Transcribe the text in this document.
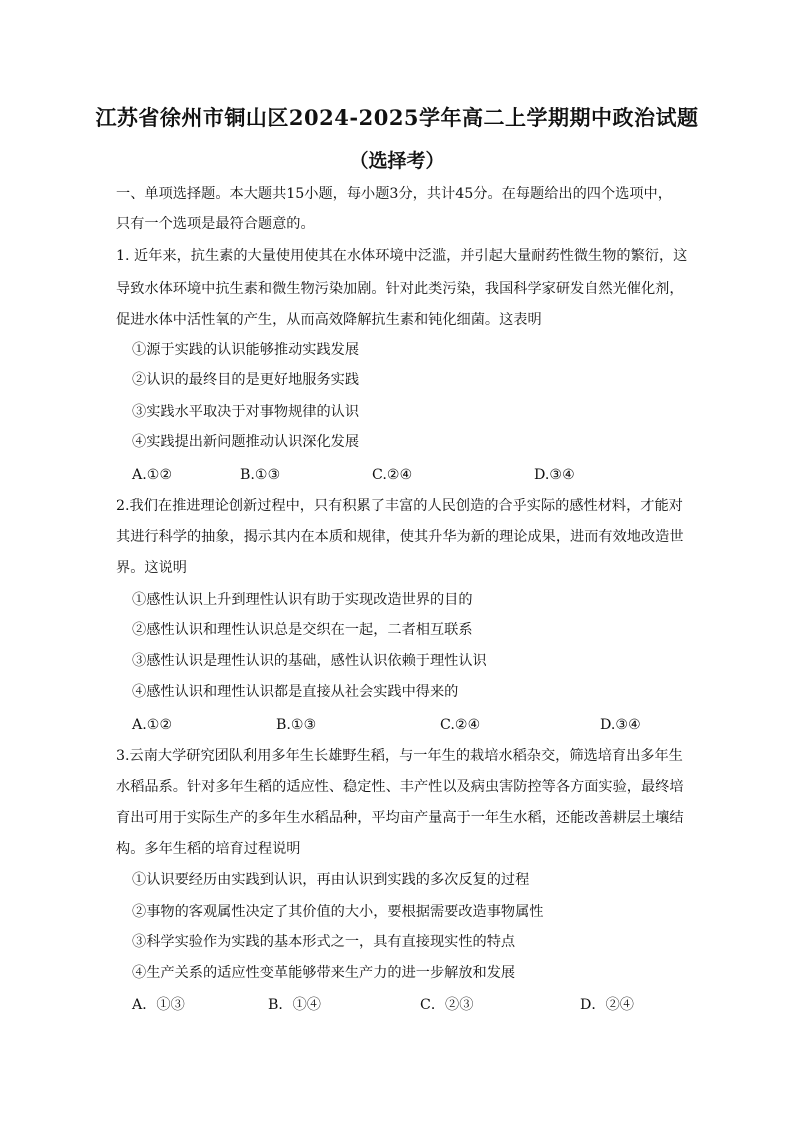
江苏省徐州市铜山区2024-2025学年高二上学期期中政治试题
（选择考）
一、单项选择题。本大题共15小题，每小题3分，共计45分。在每题给出的四个选项中，
只有一个选项是最符合题意的。
1. 近年来，抗生素的大量使用使其在水体环境中泛滥，并引起大量耐药性微生物的繁衍，这
导致水体环境中抗生素和微生物污染加剧。针对此类污染，我国科学家研发自然光催化剂，
促进水体中活性氧的产生，从而高效降解抗生素和钝化细菌。这表明
①源于实践的认识能够推动实践发展
②认识的最终目的是更好地服务实践
③实践水平取决于对事物规律的认识
④实践提出新问题推动认识深化发展
A.①②	B.①③	C.②④	D.③④
2.我们在推进理论创新过程中，只有积累了丰富的人民创造的合乎实际的感性材料，才能对
其进行科学的抽象，揭示其内在本质和规律，使其升华为新的理论成果，进而有效地改造世
界。这说明
①感性认识上升到理性认识有助于实现改造世界的目的
②感性认识和理性认识总是交织在一起，二者相互联系
③感性认识是理性认识的基础，感性认识依赖于理性认识
④感性认识和理性认识都是直接从社会实践中得来的
A.①②	B.①③	C.②④	D.③④
3.云南大学研究团队利用多年生长雄野生稻，与一年生的栽培水稻杂交，筛选培育出多年生
水稻品系。针对多年生稻的适应性、稳定性、丰产性以及病虫害防控等各方面实验，最终培
育出可用于实际生产的多年生水稻品种，平均亩产量高于一年生水稻，还能改善耕层土壤结
构。多年生稻的培育过程说明
①认识要经历由实践到认识，再由认识到实践的多次反复的过程
②事物的客观属性决定了其价值的大小，要根据需要改造事物属性
③科学实验作为实践的基本形式之一，具有直接现实性的特点
④生产关系的适应性变革能够带来生产力的进一步解放和发展
A．①③	B．①④	C．②③	D．②④
